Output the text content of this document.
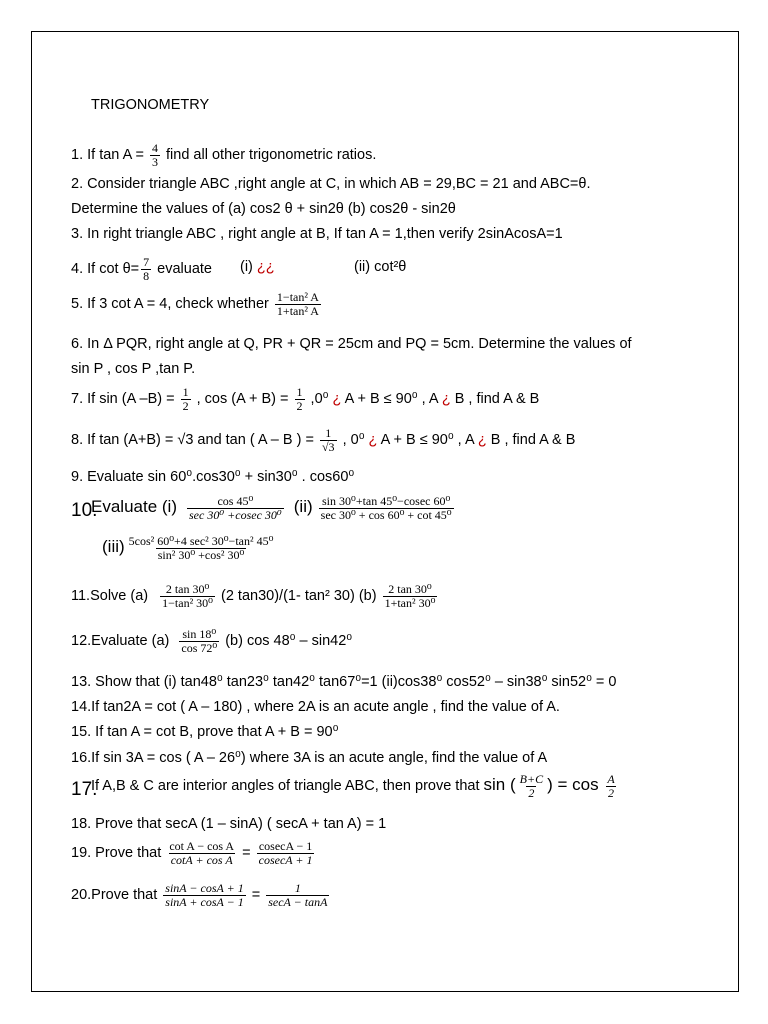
TRIGONOMETRY
1. If $\tan A = \frac{4}{3}$ find all other trigonometric ratios.
2. Consider triangle ABC ,right angle at C, in which AB = 29,BC = 21 and ABC=θ.
Determine the values of (a) cos2 θ + sin2θ (b) cos2θ - sin2θ
3. In right triangle ABC , right angle at B, If tan A = 1,then verify 2sinAcosA=1
4. If $\cot \theta= \frac{7}{8}$ evaluate (i) ¿¿	(ii) cot²θ
5. If 3 cot A = 4, check whether $\frac{\text{1−tan² A}}{\text{1+tan² A}}$
6. In Δ PQR, right angle at Q, PR + QR = 25cm and PQ = 5cm. Determine the values of
sin P , cos P ,tan P.
7. If sin (A $-B) = \frac{1}{2}$ , $\cos (A + B) = \frac{1}{2} ,0^0$ ¿ A + B ≤ 90⁰ , A ¿ B , find A & B
8. If tan (A+B) = √3 and tan ( A – B ) = $\frac{1}{√3}$ , 0⁰ ¿ A + B ≤ 90⁰ , A ¿ B , find A & B
9. Evaluate sin 60⁰.cos30⁰ + sin30⁰ . cos60⁰
10.
Evaluate $(i) \frac{\text{cos 45⁰}}{\text{sec 30⁰ +cosec 30⁰}} (ii) \frac{\text{sin 30⁰+tan 45⁰−cosec 60⁰}}{\text{sec 30⁰ + cos 60⁰ + cot 45⁰}}$
$(iii) \frac{\text{5cos² 60⁰+4 sec² 30⁰−tan² 45⁰}}{\text{sin² 30⁰ +cos² 30⁰}}$
11.Solve $(a) \frac{\text{2 tan 30⁰}}{\text{1−tan² 30⁰}} (2$ tan30)/(1- tan² 30) $(b) \frac{\text{2 tan 30⁰}}{\text{1+tan² 30⁰}}$
12.Evaluate $(a) \frac{\text{sin 18⁰}}{\text{cos 72⁰}} (b)$ cos 48⁰ – sin42⁰
13. Show that (i) tan48⁰ tan23⁰ tan42⁰ tan67⁰=1 (ii)cos38⁰ cos52⁰ – sin38⁰ sin52⁰ = 0
14.If tan2A = cot ( A – 180) , where 2A is an acute angle , find the value of A.
15. If tan A = cot B, prove that A + B = 90⁰
16.If sin 3A = cos ( A – 26⁰) where 3A is an acute angle, find the value of A
17.
If A,B & C are interior angles of triangle ABC, then prove that sin ( $\frac{B+C}{2}$ ) = $\cos \frac{A}{2}$
18. Prove that secA (1 – sinA) ( secA + tan A) = 1
19. Prove that $\frac{\text{cot A − cos A}}{\text{cotA + cos A}} = \frac{cosecA - 1}{cosecA + 1}$
20.Prove that $\frac{\sin A - \cos A + 1}{\sin A + \cos A - 1} = \frac{1}{\sec A - \tan A}$
